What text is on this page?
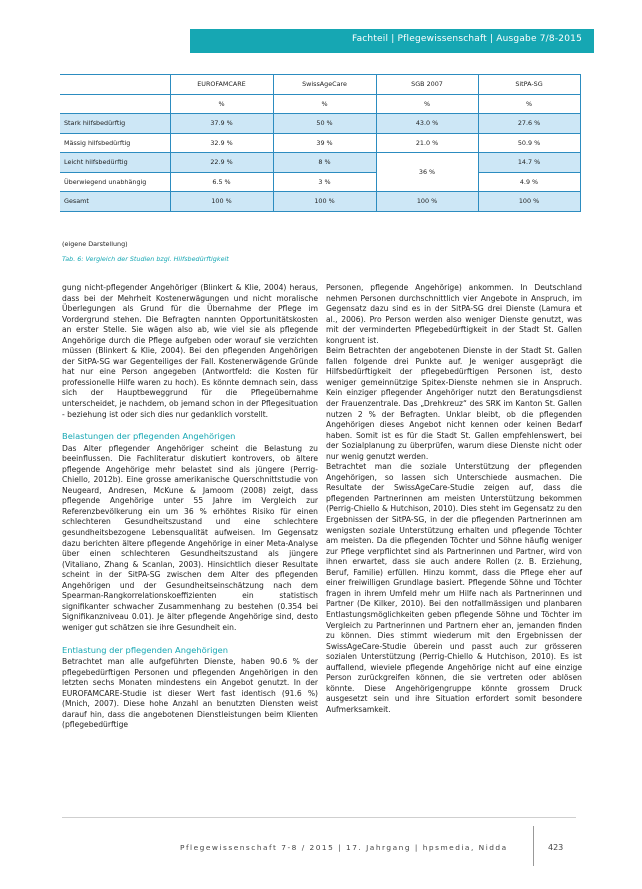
Fachteil | Pflegewissenschaft | Ausgabe 7/8-2015
	EUROFAMCARE	SwissAgeCare	SGB 2007	SitPA-SG
	%	%	%	%
Stark hilfsbedürftig	37.9 %	50 %	43.0 %	27.6 %
Mässig hilfsbedürftig	32.9 %	39 %	21.0 %	50.9 %
Leicht hilfsbedürftig	22.9 %	8 %	36 %	14.7 %
Überwiegend unabhängig	6.5 %	3 %		4.9 %
Gesamt	100 %	100 %	100 %	100 %
(eigene Darstellung)
Tab. 6: Vergleich der Studien bzgl. Hilfsbedürftigkeit

gung nicht-pflegender Angehöriger (Blinkert & Klie, 2004) heraus, dass bei der Mehrheit Kostenerwägungen und nicht moralische Überlegungen als Grund für die Übernahme der Pflege im Vordergrund stehen. Die Befragten nannten Opportunitätskosten an erster Stelle. Sie wägen also ab, wie viel sie als pflegende Angehörige durch die Pflege aufgeben oder worauf sie verzichten müssen (Blinkert & Klie, 2004). Bei den pflegenden Angehörigen der SitPA-SG war Gegenteiliges der Fall. Kostenerwägende Gründe hat nur eine Person angegeben (Antwortfeld: die Kosten für professionelle Hilfe waren zu hoch). Es könnte demnach sein, dass sich der Hauptbeweggrund für die Pflegeübernahme unterscheidet, je nachdem, ob jemand schon in der Pflegesituation - beziehung ist oder sich dies nur gedanklich vorstellt.

Belastungen der pflegenden Angehörigen

Das Alter pflegender Angehöriger scheint die Belastung zu beeinflussen. Die Fachliteratur diskutiert kontrovers, ob ältere pflegende Angehörige mehr belastet sind als jüngere (Perrig-Chiello, 2012b). Eine grosse amerikanische Querschnittstudie von Neugeard, Andresen, McKune & Jamoom (2008) zeigt, dass pflegende Angehörige unter 55 Jahre im Vergleich zur Referenzbevölkerung ein um 36 % erhöhtes Risiko für einen schlechteren Gesundheitszustand und eine schlechtere gesundheitsbezogene Lebensqualität aufweisen. Im Gegensatz dazu berichten ältere pflegende Angehörige in einer Meta-Analyse über einen schlechteren Gesundheitszustand als jüngere (Vitaliano, Zhang & Scanlan, 2003). Hinsichtlich dieser Resultate scheint in der SitPA-SG zwischen dem Alter des pflegenden Angehörigen und der Gesundheitseinschätzung nach dem Spearman-Rangkorrelationskoeffizienten ein statistisch signifikanter schwacher Zusammenhang zu bestehen (0.354 bei Signifikanzniveau 0.01). Je älter pflegende Angehörige sind, desto weniger gut schätzen sie ihre Gesundheit ein.

Entlastung der pflegenden Angehörigen

Betrachtet man alle aufgeführten Dienste, haben 90.6 % der pflegebedürftigen Personen und pflegenden Angehörigen in den letzten sechs Monaten mindestens ein Angebot genutzt. In der EUROFAMCARE-Studie ist dieser Wert fast identisch (91.6 %) (Mnich, 2007). Diese hohe Anzahl an benutzten Diensten weist darauf hin, dass die angebotenen Dienstleistungen beim Klienten (pflegebedürftige

Personen, pflegende Angehörige) ankommen. In Deutschland nehmen Personen durchschnittlich vier Angebote in Anspruch, im Gegensatz dazu sind es in der SitPA-SG drei Dienste (Lamura et al., 2006). Pro Person werden also weniger Dienste genutzt, was mit der verminderten Pflegebedürftigkeit in der Stadt St. Gallen kongruent ist.

Beim Betrachten der angebotenen Dienste in der Stadt St. Gallen fallen folgende drei Punkte auf. Je weniger ausgeprägt die Hilfsbedürftigkeit der pflegebedürftigen Personen ist, desto weniger gemeinnützige Spitex-Dienste nehmen sie in Anspruch. Kein einziger pflegender Angehöriger nutzt den Beratungsdienst der Frauenzentrale. Das „Drehkreuz“ des SRK im Kanton St. Gallen nutzen 2 % der Befragten. Unklar bleibt, ob die pflegenden Angehörigen dieses Angebot nicht kennen oder keinen Bedarf haben. Somit ist es für die Stadt St. Gallen empfehlenswert, bei der Sozialplanung zu überprüfen, warum diese Dienste nicht oder nur wenig genutzt werden.

Betrachtet man die soziale Unterstützung der pflegenden Angehörigen, so lassen sich Unterschiede ausmachen. Die Resultate der SwissAgeCare-Studie zeigen auf, dass die pflegenden Partnerinnen am meisten Unterstützung bekommen (Perrig-Chiello & Hutchison, 2010). Dies steht im Gegensatz zu den Ergebnissen der SitPA-SG, in der die pflegenden Partnerinnen am wenigsten soziale Unterstützung erhalten und pflegende Töchter am meisten. Da die pflegenden Töchter und Söhne häufig weniger zur Pflege verpflichtet sind als Partnerinnen und Partner, wird von ihnen erwartet, dass sie auch andere Rollen (z. B. Erziehung, Beruf, Familie) erfüllen. Hinzu kommt, dass die Pflege eher auf einer freiwilligen Grundlage basiert. Pflegende Söhne und Töchter fragen in ihrem Umfeld mehr um Hilfe nach als Partnerinnen und Partner (De Kilker, 2010). Bei den notfallmässigen und planbaren Entlastungsmöglichkeiten geben pflegende Söhne und Töchter im Vergleich zu Partnerinnen und Partnern eher an, jemanden finden zu können. Dies stimmt wiederum mit den Ergebnissen der SwissAgeCare-Studie überein und passt auch zur grösseren sozialen Unterstützung (Perrig-Chiello & Hutchison, 2010). Es ist auffallend, wieviele pflegende Angehörige nicht auf eine einzige Person zurückgreifen können, die sie vertreten oder ablösen könnte. Diese Angehörigengruppe könnte grossem Druck ausgesetzt sein und ihre Situation erfordert somit besondere Aufmerksamkeit.

Pflegewissenschaft 7-8 / 2015 | 17. Jahrgang | hpsmedia, Nidda	423
